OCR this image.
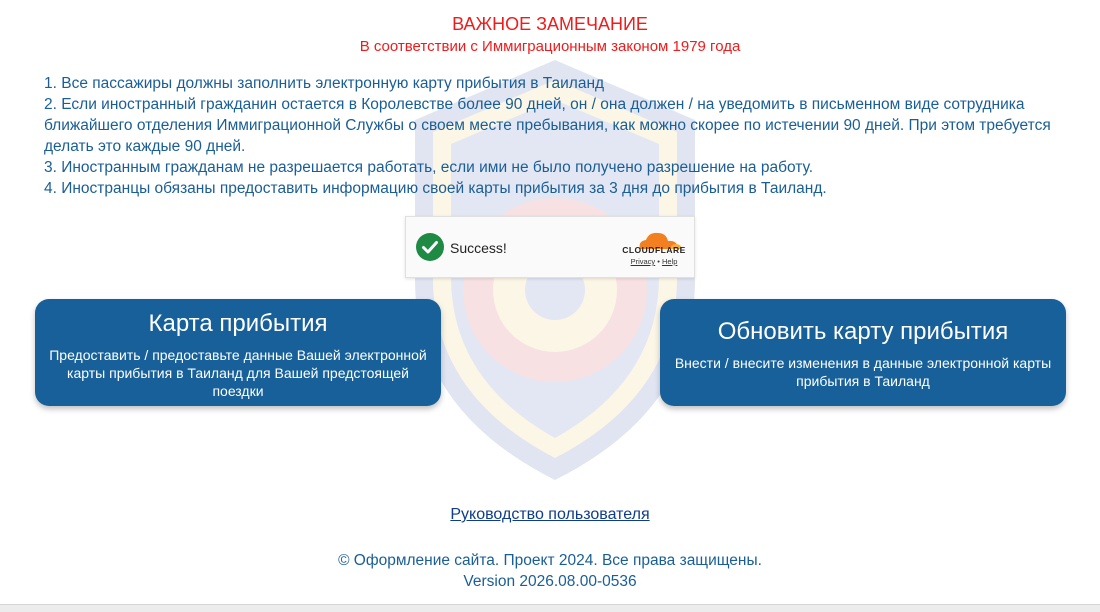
ВАЖНОЕ ЗАМЕЧАНИЕ
В соответствии с Иммиграционным законом 1979 года

1. Все пассажиры должны заполнить электронную карту прибытия в Таиланд

2. Если иностранный гражданин остается в Королевстве более 90 дней, он / она должен / на уведомить в письменном виде сотрудника ближайшего отделения Иммиграционной Службы о своем месте пребывания, как можно скорее по истечении 90 дней. При этом требуется делать это каждые 90 дней.

3. Иностранным гражданам не разрешается работать, если ими не было получено разрешение на работу.

4. Иностранцы обязаны предоставить информацию своей карты прибытия за 3 дня до прибытия в Таиланд.

Success!	CLOUDFLARE
Privacy • Help
Карта прибытия
Предоставить / предоставьте данные Вашей электронной карты прибытия в Таиланд для Вашей предстоящей поездки
Обновить карту прибытия
Внести / внесите изменения в данные электронной карты прибытия в Таиланд
Руководство пользователя
© Оформление сайта. Проект 2024. Все права защищены.
Version 2026.08.00-0536
